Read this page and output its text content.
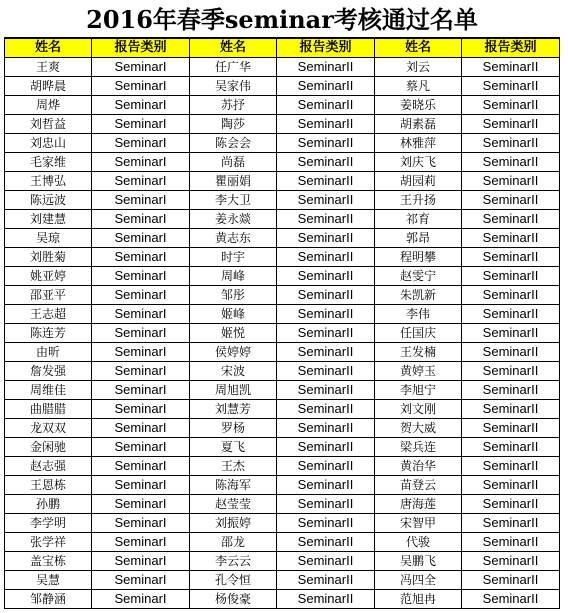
2016年春季seminar考核通过名单
姓名	报告类别	姓名	报告类别	姓名	报告类别
王爽	SeminarI	任广华	SeminarII	刘云	SeminarII
胡晔晨	SeminarI	吴家伟	SeminarII	蔡凡	SeminarII
周烨	SeminarI	苏抒	SeminarII	姜晓乐	SeminarII
刘哲益	SeminarI	陶莎	SeminarII	胡素磊	SeminarII
刘忠山	SeminarI	陈会会	SeminarII	林雅萍	SeminarII
毛家维	SeminarI	尚磊	SeminarII	刘庆飞	SeminarII
王博弘	SeminarI	瞿丽娟	SeminarII	胡园莉	SeminarII
陈远波	SeminarI	李大卫	SeminarII	王升扬	SeminarII
刘建慧	SeminarI	姜永燚	SeminarII	祁育	SeminarII
吴琼	SeminarI	黄志东	SeminarII	郭昂	SeminarII
刘胜菊	SeminarI	时宇	SeminarII	程明攀	SeminarII
姚亚婷	SeminarI	周峰	SeminarII	赵雯宁	SeminarII
邵亚平	SeminarI	邹彤	SeminarII	朱凯新	SeminarII
王志超	SeminarI	姬峰	SeminarII	李伟	SeminarII
陈连芳	SeminarI	姬悦	SeminarII	任国庆	SeminarII
由昕	SeminarI	侯婷婷	SeminarII	王发楠	SeminarII
詹发强	SeminarI	宋波	SeminarII	黄婷玉	SeminarII
周维佳	SeminarI	周旭凯	SeminarII	李旭宁	SeminarII
曲腊腊	SeminarI	刘慧芳	SeminarII	刘文刚	SeminarII
龙双双	SeminarI	罗杨	SeminarII	贺大威	SeminarII
金闲驰	SeminarI	夏飞	SeminarII	梁兵连	SeminarII
赵志强	SeminarI	王杰	SeminarII	黄治华	SeminarII
王恩栋	SeminarI	陈海军	SeminarII	苗登云	SeminarII
孙鹏	SeminarI	赵莹莹	SeminarII	唐海莲	SeminarII
李学明	SeminarI	刘振婷	SeminarII	宋智甲	SeminarII
张学祥	SeminarI	邵龙	SeminarII	代骏	SeminarII
盖宝栋	SeminarI	李云云	SeminarII	吴鹏飞	SeminarII
吴慧	SeminarI	孔令恒	SeminarII	冯四全	SeminarII
邹静涵	SeminarI	杨俊豪	SeminarII	范旭冉	SeminarII
